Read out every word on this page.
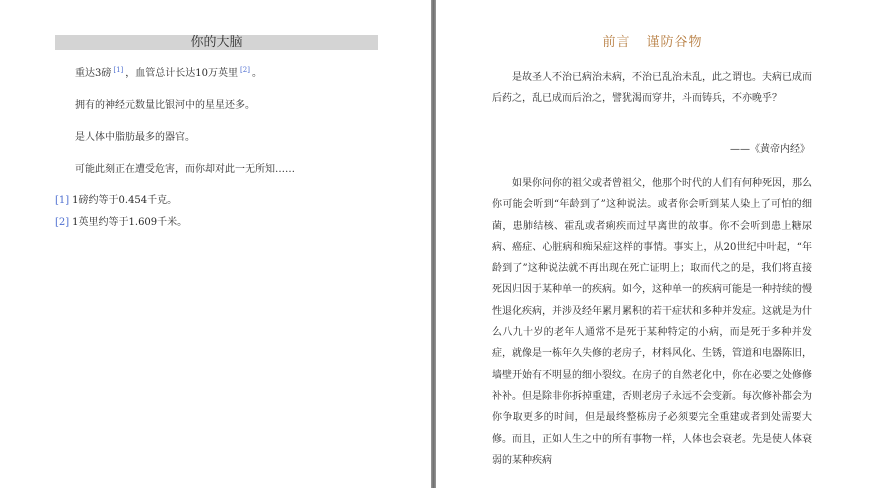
你的大脑
重达3磅 [1] ，血管总计长达10万英里 [2] 。
拥有的神经元数量比银河中的星星还多。
是人体中脂肪最多的器官。
可能此刻正在遭受危害，而你却对此一无所知……
[1] 1磅约等于0.454千克。
[2] 1英里约等于1.609千米。
前言 谨防谷物
是故圣人不治已病治未病，不治已乱治未乱，此之谓也。夫病已成而后药之，乱已成而后治之，譬犹渴而穿井，斗而铸兵，不亦晚乎？
——《黄帝内经》
如果你问你的祖父或者曾祖父，他那个时代的人们有何种死因，那么你可能会听到“年龄到了”这种说法。或者你会听到某人染上了可怕的细菌，患肺结核、霍乱或者痢疾而过早离世的故事。你不会听到患上糖尿病、癌症、心脏病和痴呆症这样的事情。事实上，从20世纪中叶起，“年龄到了”这种说法就不再出现在死亡证明上；取而代之的是，我们将直接死因归因于某种单一的疾病。如今，这种单一的疾病可能是一种持续的慢性退化疾病，并涉及经年累月累积的若干症状和多种并发症。这就是为什么八九十岁的老年人通常不是死于某种特定的小病，而是死于多种并发症，就像是一栋年久失修的老房子，材料风化、生锈，管道和电器陈旧，墙壁开始有不明显的细小裂纹。在房子的自然老化中，你在必要之处修修补补。但是除非你拆掉重建，否则老房子永远不会变新。每次修补都会为你争取更多的时间，但是最终整栋房子必须要完全重建或者到处需要大修。而且，正如人生之中的所有事物一样，人体也会衰老。先是使人体衰弱的某种疾病
